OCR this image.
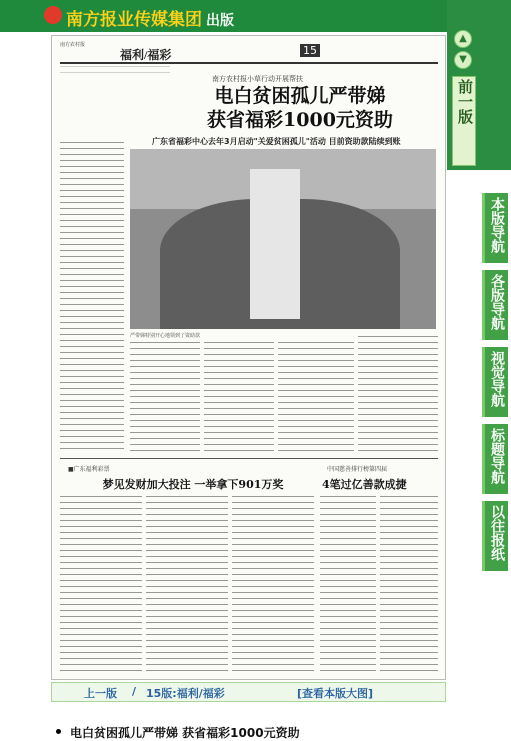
南方报业传媒集团 出版
▲
▼
前一版
本版导航
各版导航
视觉导航
标题导航
以往报纸
南方农村报
福利/福彩	15
南方农村报小草行动开展帮扶
电白贫困孤儿严带娣
获省福彩1000元资助
广东省福彩中心去年3月启动"关爱贫困孤儿"活动 目前资助款陆续到账
严带娣特别开心地领到了资助款
■广东福利彩票
梦见发财加大投注 一举拿下901万奖
中国慈善排行榜第四届
4笔过亿善款成捷
上一版 / 15版:福利/福彩	[查看本版大图]
电白贫困孤儿严带娣 获省福彩1000元资助
